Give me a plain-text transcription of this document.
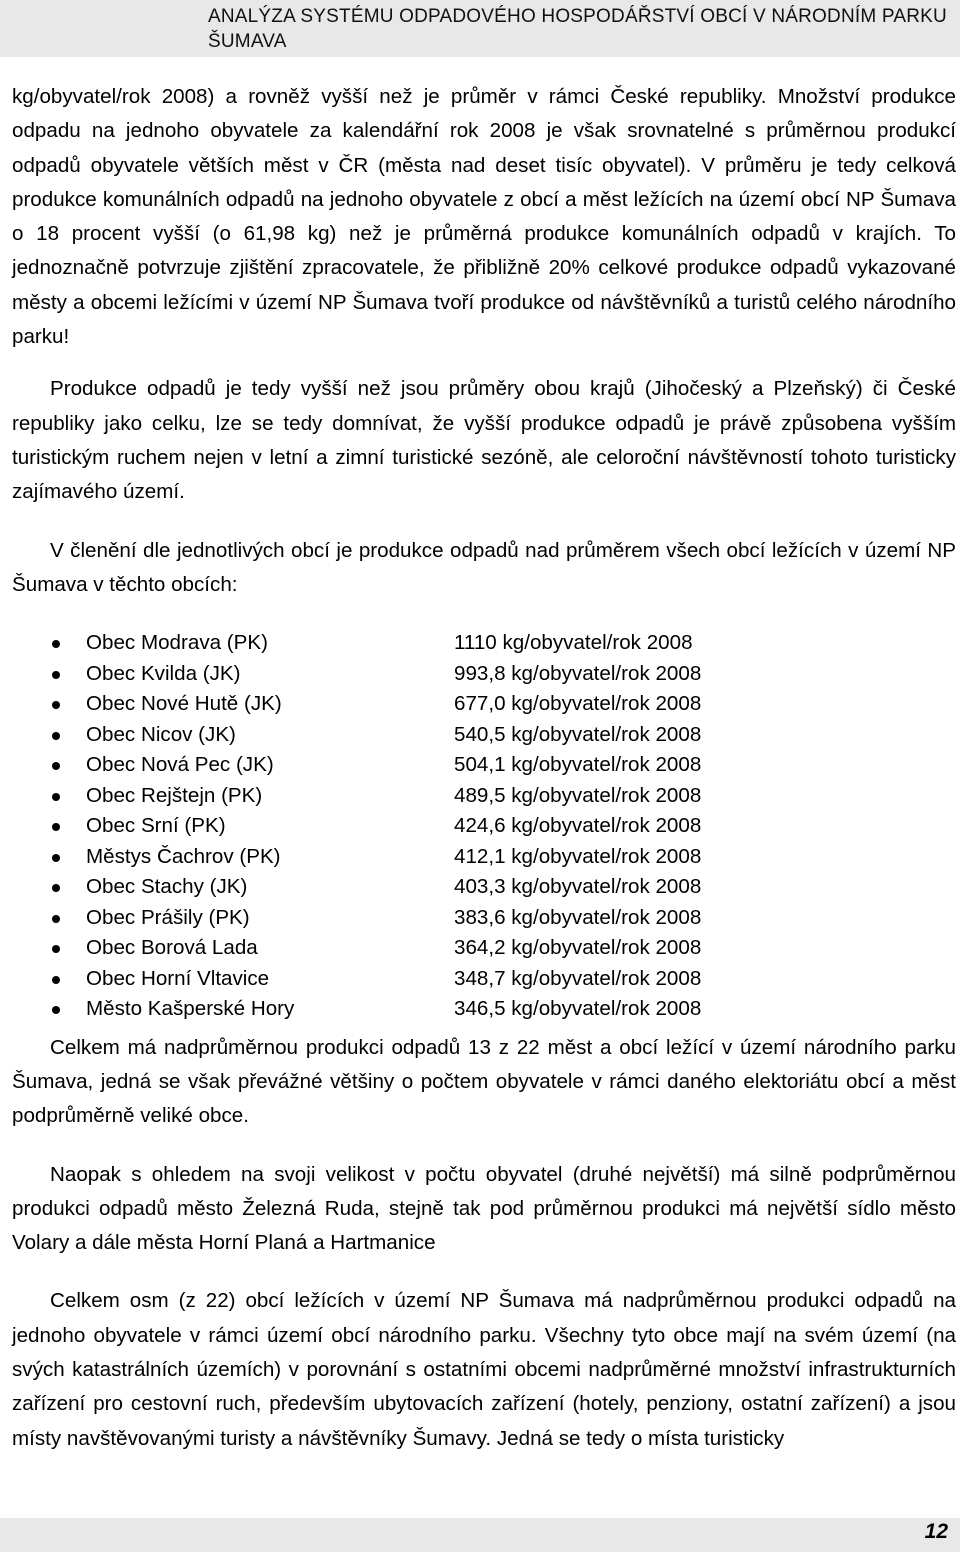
ANALÝZA SYSTÉMU ODPADOVÉHO HOSPODÁŘSTVÍ OBCÍ V NÁRODNÍM PARKU ŠUMAVA

kg/obyvatel/rok 2008) a rovněž vyšší než je průměr v rámci České republiky. Množství produkce odpadu na jednoho obyvatele za kalendářní rok 2008 je však srovnatelné s průměrnou produkcí odpadů obyvatele větších měst v ČR (města nad deset tisíc obyvatel). V průměru je tedy celková produkce komunálních odpadů na jednoho obyvatele z obcí a měst ležících na území obcí NP Šumava o 18 procent vyšší (o 61,98 kg) než je průměrná produkce komunálních odpadů v krajích. To jednoznačně potvrzuje zjištění zpracovatele, že přibližně 20% celkové produkce odpadů vykazované městy a obcemi ležícími v území NP Šumava tvoří produkce od návštěvníků a turistů celého národního parku!

Produkce odpadů je tedy vyšší než jsou průměry obou krajů (Jihočeský a Plzeňský) či České republiky jako celku, lze se tedy domnívat, že vyšší produkce odpadů je právě způsobena vyšším turistickým ruchem nejen v letní a zimní turistické sezóně, ale celoroční návštěvností tohoto turisticky zajímavého území.

V členění dle jednotlivých obcí je produkce odpadů nad průměrem všech obcí ležících v území NP Šumava v těchto obcích:

Obec Modrava (PK)	1110 kg/obyvatel/rok 2008
Obec Kvilda (JK)	993,8 kg/obyvatel/rok 2008
Obec Nové Hutě (JK)	677,0 kg/obyvatel/rok 2008
Obec Nicov (JK)	540,5 kg/obyvatel/rok 2008
Obec Nová Pec (JK)	504,1 kg/obyvatel/rok 2008
Obec Rejštejn (PK)	489,5 kg/obyvatel/rok 2008
Obec Srní (PK)	424,6 kg/obyvatel/rok 2008
Městys Čachrov (PK)	412,1 kg/obyvatel/rok 2008
Obec Stachy (JK)	403,3 kg/obyvatel/rok 2008
Obec Prášily (PK)	383,6 kg/obyvatel/rok 2008
Obec Borová Lada	364,2 kg/obyvatel/rok 2008
Obec Horní Vltavice	348,7 kg/obyvatel/rok 2008
Město Kašperské Hory	346,5 kg/obyvatel/rok 2008

Celkem má nadprůměrnou produkci odpadů 13 z 22 měst a obcí ležící v území národního parku Šumava, jedná se však převážné většiny o počtem obyvatele v rámci daného elektoriátu obcí a měst podprůměrně veliké obce.

Naopak s ohledem na svoji velikost v počtu obyvatel (druhé největší) má silně podprůměrnou produkci odpadů město Železná Ruda, stejně tak pod průměrnou produkci má největší sídlo město Volary a dále města Horní Planá a Hartmanice

Celkem osm (z 22) obcí ležících v území NP Šumava má nadprůměrnou produkci odpadů na jednoho obyvatele v rámci území obcí národního parku. Všechny tyto obce mají na svém území (na svých katastrálních územích) v porovnání s ostatními obcemi nadprůměrné množství infrastrukturních zařízení pro cestovní ruch, především ubytovacích zařízení (hotely, penziony, ostatní zařízení) a jsou místy navštěvovanými turisty a návštěvníky Šumavy. Jedná se tedy o místa turisticky

12
